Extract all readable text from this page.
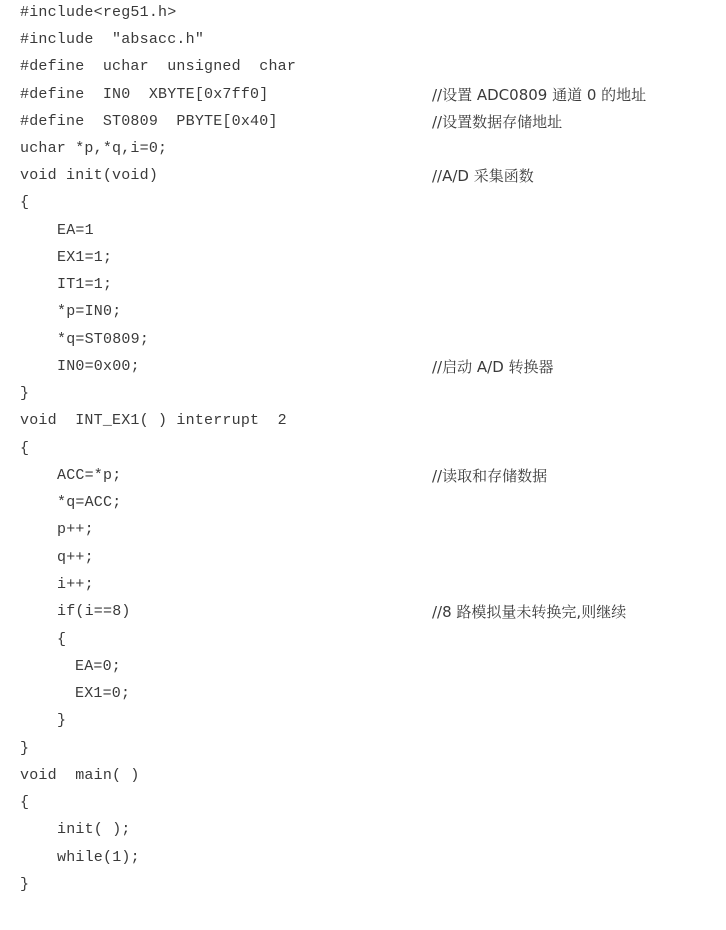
#include<reg51.h>
#include  "absacc.h"
#define  uchar  unsigned  char
#define  IN0  XBYTE[0x7ff0]	//设置 ADC0809 通道 0 的地址
#define  ST0809  PBYTE[0x40]	//设置数据存储地址
uchar *p,*q,i=0;
void init(void)	//A/D 采集函数
{
EA=1
EX1=1;
IT1=1;
*p=IN0;
*q=ST0809;
IN0=0x00;	//启动 A/D 转换器
}
void  INT_EX1( ) interrupt  2
{
ACC=*p;	//读取和存储数据
*q=ACC;
p++;
q++;
i++;
if(i==8)	//8 路模拟量未转换完,则继续
{
EA=0;
EX1=0;
}
}
void  main( )
{
init( );
while(1);
}
